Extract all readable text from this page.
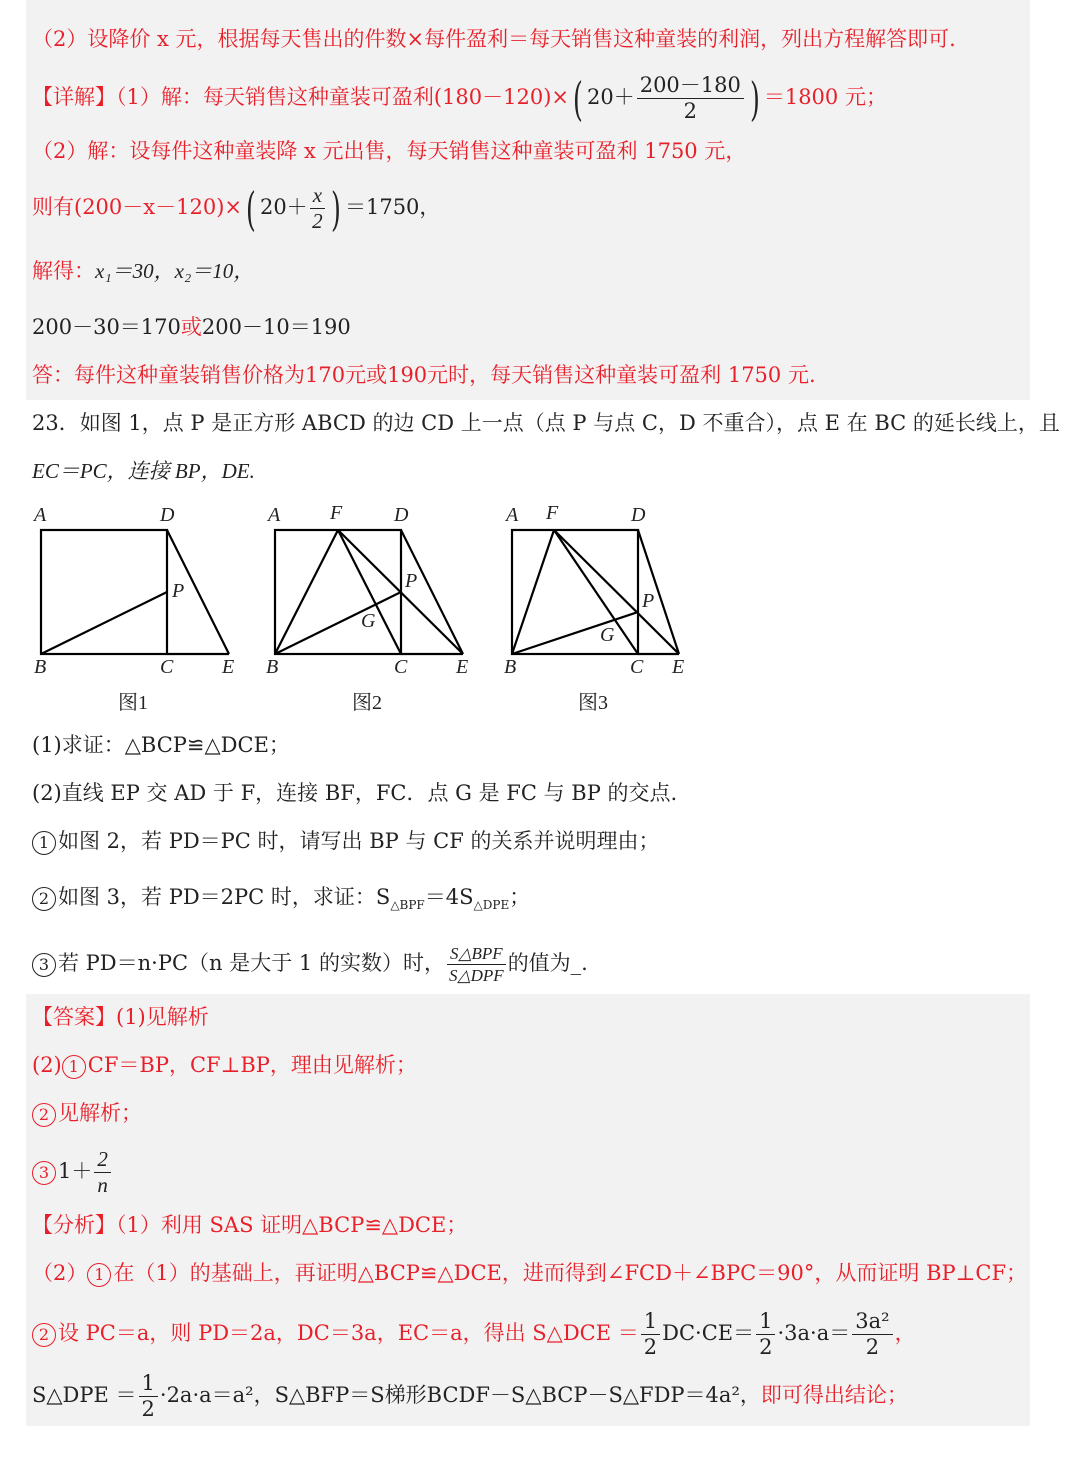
（2）设降价 x 元，根据每天售出的件数×每件盈利＝每天销售这种童装的利润，列出方程解答即可.
【详解】（1）解：每天销售这种童装可盈利(180－120)×( $20+ \frac{200-180}{2}$ ) ＝1800 元；
（2）解：设每件这种童装降 x 元出售，每天销售这种童装可盈利 1750 元，
则有(200－x－120)×( $20+ \frac{x}{2}$ ) ＝1750，
解得：x₁＝30，x₂＝10，
200－30＝170或200－10＝190
答：每件这种童装销售价格为170元或190元时，每天销售这种童装可盈利 1750 元.
23．如图 1，点 P 是正方形 ABCD 的边 CD 上一点（点 P 与点 C，D 不重合），点 E 在 BC 的延长线上，且
EC＝PC，连接 BP，DE.
A	D
P
B	C E
图1
A F	D
P
G
B	C E
图2
A F	D
P
G
B	C E
图3
(1)求证：△BCP≌△DCE；
(2)直线 EP 交 AD 于 F，连接 BF，FC．点 G 是 FC 与 BP 的交点.
1 如图 2，若 PD＝PC 时，请写出 BP 与 CF 的关系并说明理由；
2 如图 3，若 PD＝2PC 时，求证：$S_{\triangle BPF}=4S_{\triangle DPE}$；
3 若 PD＝n·PC（n 是大于 1 的实数）时， $\frac{\text{S△BPF}}{\text{S△DPF}}$ 的值为_.
【答案】(1)见解析
(2) 1 CF＝BP，CF⊥BP，理由见解析；
2 见解析；
3 $1+ \frac{2}{n}$
【分析】（1）利用 SAS 证明△BCP≌△DCE；
（2） 1 在（1）的基础上，再证明△BCP≌△DCE，进而得到∠FCD＋∠BPC＝90°，从而证明 BP⊥CF；
2 设 PC＝a，则 PD＝2a，DC＝3a，EC＝a，得出 S△DCE ＝ $\frac{1}{2} DC\cdot CE= \frac{1}{2} \cdot 3a\cdot a= \frac{\text{3a²}}{2}$ ，
S△DPE ＝ $\frac{1}{2} \cdot 2a\cdot a=a^2$，S△BFP＝S梯形BCDF－S△BCP－S△FDP＝4a²，即可得出结论；
